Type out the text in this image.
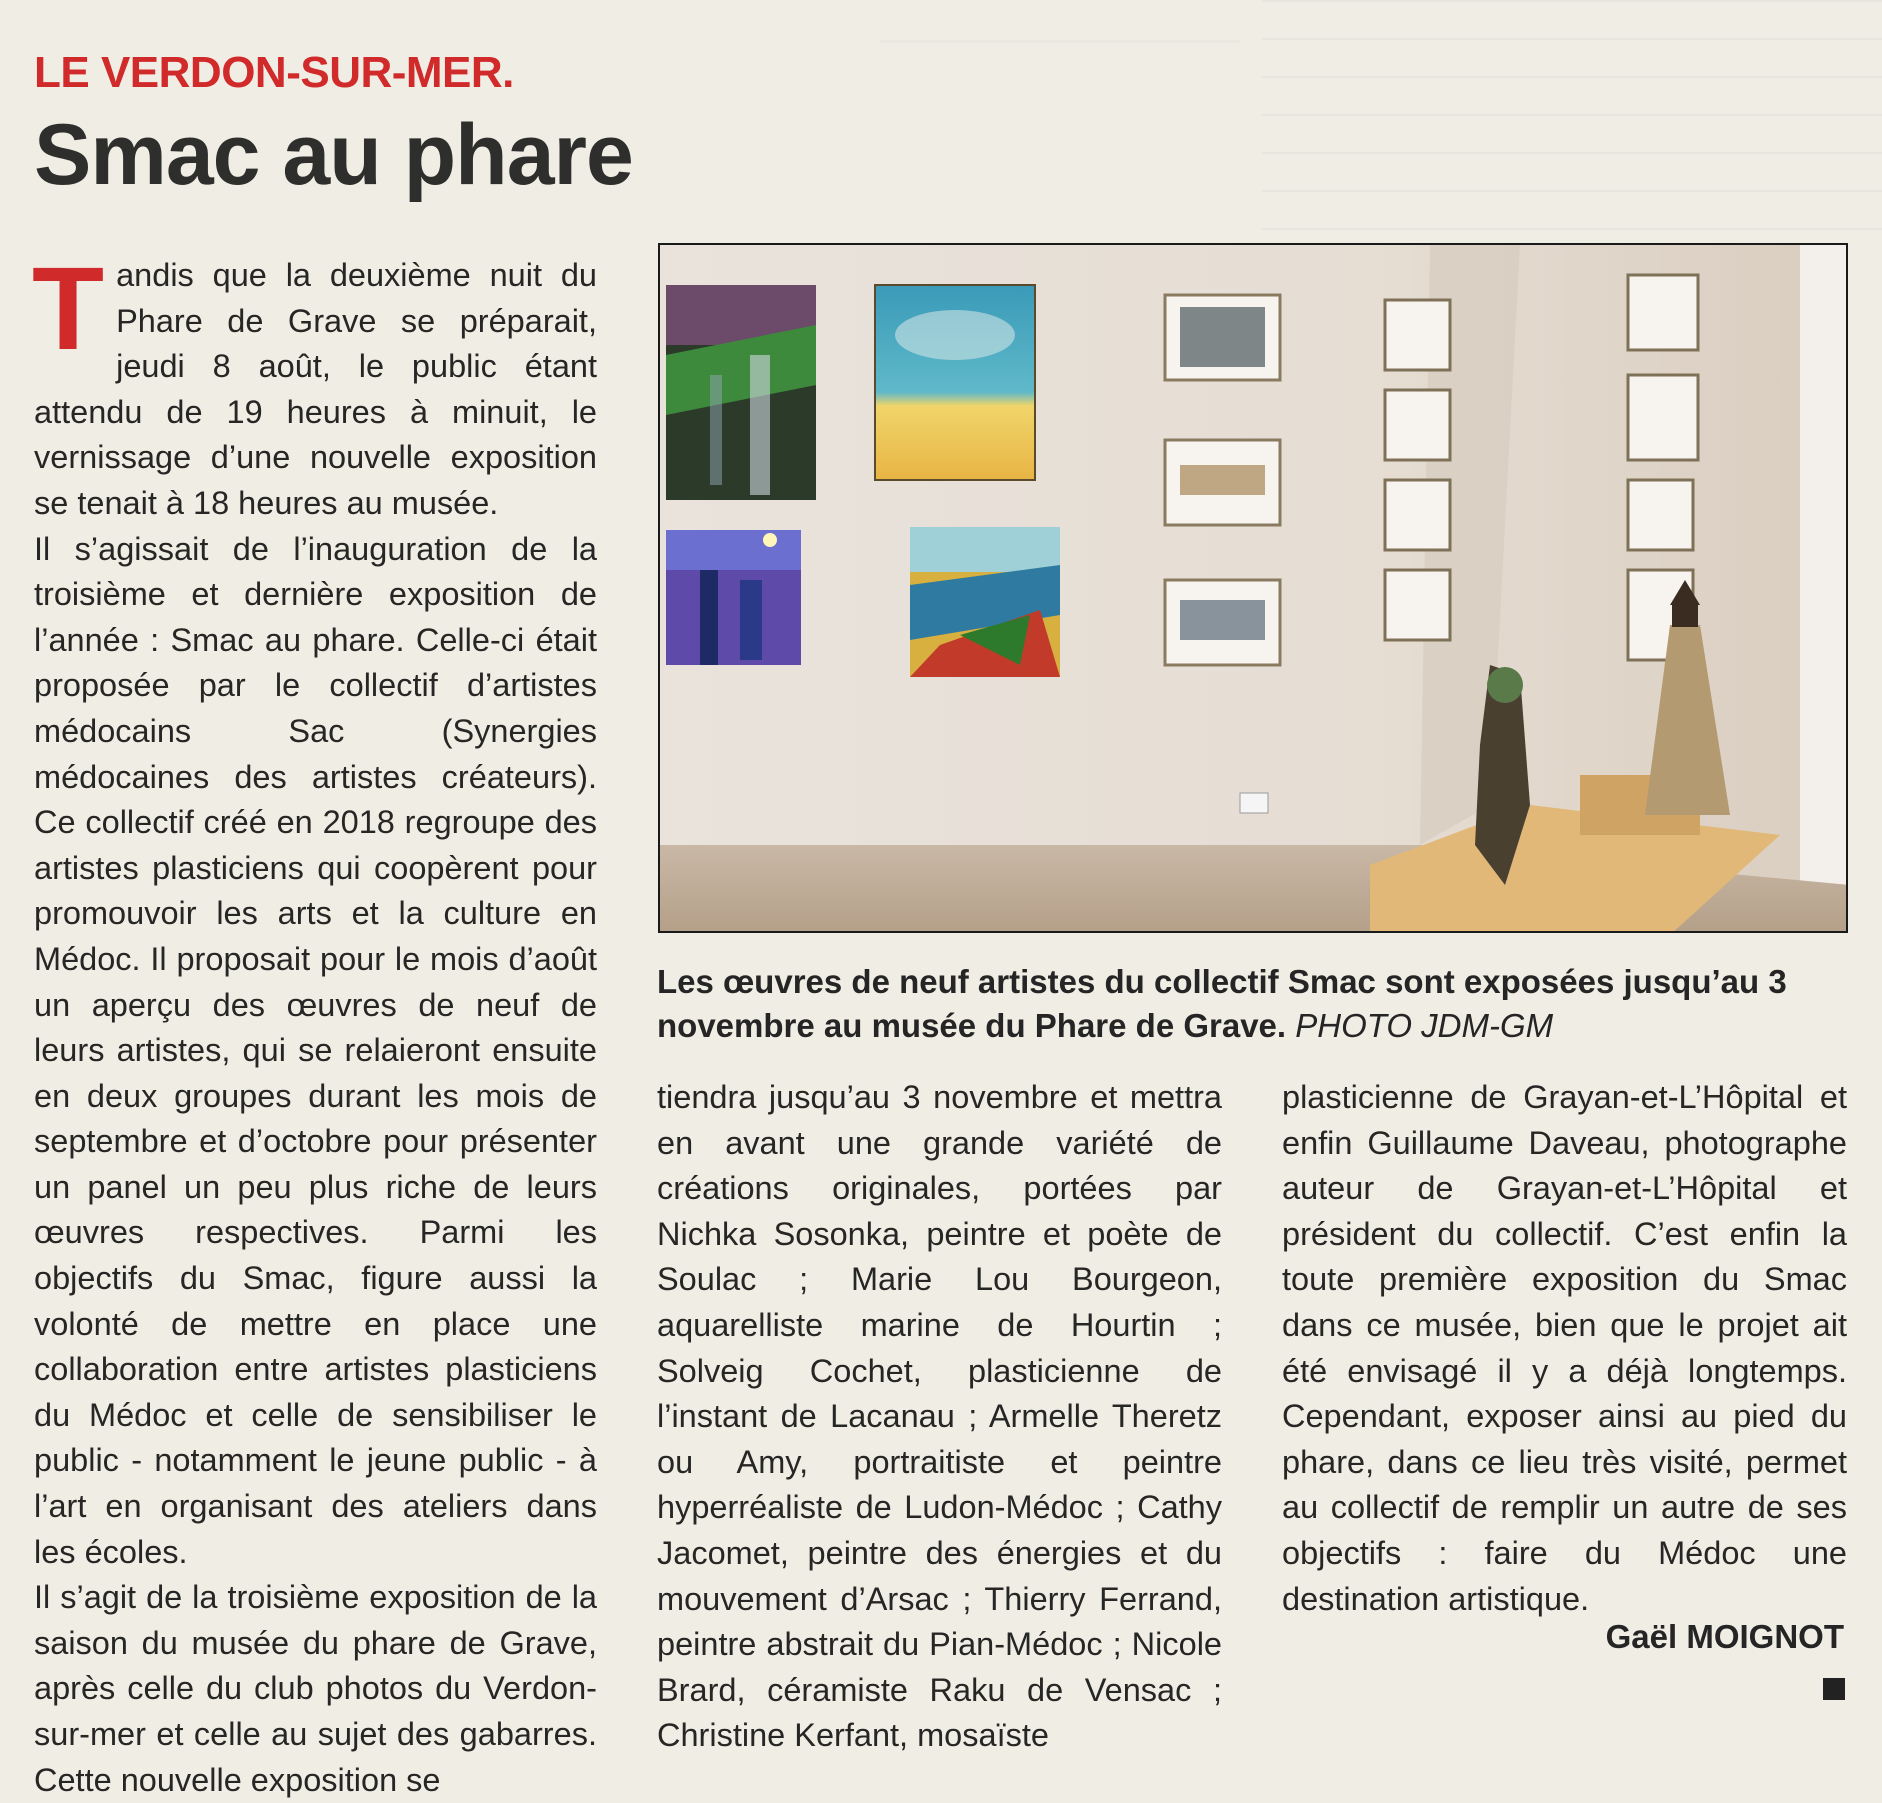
LE VERDON-SUR-MER.
Smac au phare

Tandis que la deuxième nuit du Phare de Grave se préparait, jeudi 8 août, le public étant attendu de 19 heures à minuit, le vernissage d’une nouvelle exposition se tenait à 18 heures au musée.

Il s’agissait de l’inauguration de la troisième et dernière exposition de l’année : Smac au phare. Celle-ci était proposée par le collectif d’artistes médocains Sac (Synergies médocaines des artistes créateurs). Ce collectif créé en 2018 regroupe des artistes plasticiens qui coopèrent pour promouvoir les arts et la culture en Médoc. Il proposait pour le mois d’août un aperçu des œuvres de neuf de leurs artistes, qui se relaieront ensuite en deux groupes durant les mois de septembre et d’octobre pour présenter un panel un peu plus riche de leurs œuvres respectives. Parmi les objectifs du Smac, figure aussi la volonté de mettre en place une collaboration entre artistes plasticiens du Médoc et celle de sensibiliser le public - notamment le jeune public - à l’art en organisant des ateliers dans les écoles.

Il s’agit de la troisième exposition de la saison du musée du phare de Grave, après celle du club photos du Verdon-sur-mer et celle au sujet des gabarres. Cette nouvelle exposition se

Les œuvres de neuf artistes du collectif Smac sont exposées jusqu’au 3 novembre au musée du Phare de Grave. PHOTO JDM-GM

tiendra jusqu’au 3 novembre et mettra en avant une grande variété de créations originales, portées par Nichka Sosonka, peintre et poète de Soulac ; Marie Lou Bourgeon, aquarelliste marine de Hourtin ; Solveig Cochet, plasticienne de l’instant de Lacanau ; Armelle Theretz ou Amy, portraitiste et peintre hyperréaliste de Ludon-Médoc ; Cathy Jacomet, peintre des énergies et du mouvement d’Arsac ; Thierry Ferrand, peintre abstrait du Pian-Médoc ; Nicole Brard, céramiste Raku de Vensac ; Christine Kerfant, mosaïste

plasticienne de Grayan-et-L’Hôpital et enfin Guillaume Daveau, photographe auteur de Grayan-et-L’Hôpital et président du collectif. C’est enfin la toute première exposition du Smac dans ce musée, bien que le projet ait été envisagé il y a déjà longtemps. Cependant, exposer ainsi au pied du phare, dans ce lieu très visité, permet au collectif de remplir un autre de ses objectifs : faire du Médoc une destination artistique.

Gaël MOIGNOT
